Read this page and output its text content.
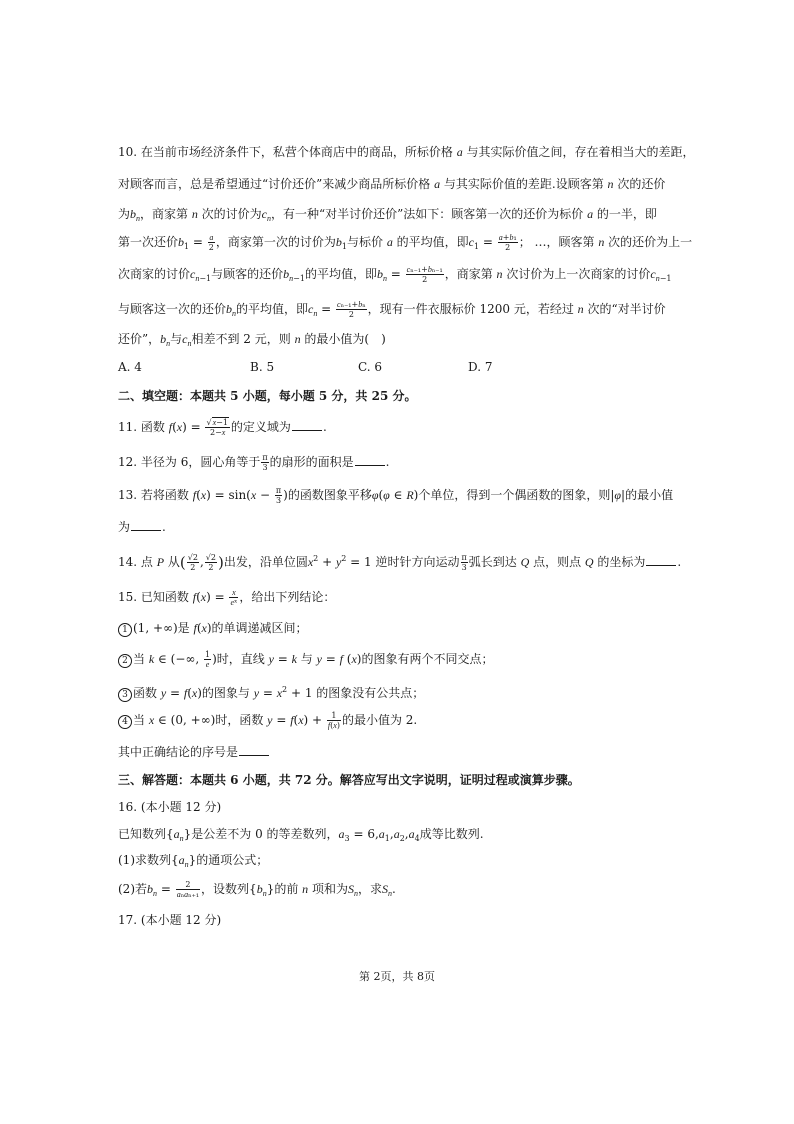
10. 在当前市场经济条件下，私营个体商店中的商品，所标价格 a 与其实际价值之间，存在着相当大的差距，
对顾客而言，总是希望通过“讨价还价”来减少商品所标价格 a 与其实际价值的差距.设顾客第 n 次的还价
为$b_n$，商家第 n 次的讨价为$c_n$，有一种“对半讨价还价”法如下：顾客第一次的还价为标价 a 的一半，即
第一次还价$b_1 = \frac{a}{2}$ ，商家第一次的讨价为$b_1$与标价 a 的平均值，即$c_1 = \frac{\text{a+b₁}}{2}$ ； …，顾客第 n 次的还价为上一
次商家的讨价$c_{n-1}$与顾客的还价$b_{n-1}$的平均值，即$b_n = \frac{\text{cₙ₋₁+bₙ₋₁}}{2}$ ，商家第 n 次讨价为上一次商家的讨价$c_{n-1}$
与顾客这一次的还价$b_n$的平均值，即$c_n = \frac{\text{cₙ₋₁+bₙ}}{2}$ ，现有一件衣服标价 1200 元，若经过 n 次的“对半讨价
还价”，$b_n$与$c_n$相差不到 2 元，则 n 的最小值为(　)
A. 4	B. 5	C. 6	D. 7
二、填空题：本题共 5 小题，每小题 5 分，共 25 分。
11. 函数 $f(x) = \frac{√x-1}{2-x}$ 的定义域为	.
12. 半径为 6，圆心角等于 $\frac{\pi}{3}$ 的扇形的面积是	.
13. 若将函数 $f(x) = \sin(x - \frac{\pi}{3}$ )的函数图象平移φ(φ ∈ R)个单位，得到一个偶函数的图象，则|φ|的最小值
为	.
14. 点 P 从( $\frac{√2}{2}$ , $\frac{√2}{2}$ )出发，沿单位圆$x^2 + y^2 = 1$ 逆时针方向运动 $\frac{\pi}{3}$ 弧长到达 Q 点，则点 Q 的坐标为	.
15. 已知函数 $f(x) = \frac{x}{\text{eˣ}}$ ，给出下列结论：
1 (1, +∞)是 f(x)的单调递减区间；
2 当 k ∈ (−∞, $\frac{1}{e}$ )时，直线 y = k 与 y = f (x)的图象有两个不同交点；
3 函数 y = f(x)的图象与 $y = x^2 + 1$ 的图象没有公共点；
4 当 x ∈ (0, +∞)时，函数 $y = f(x) + \frac{1}{f(x)}$ 的最小值为 2.
其中正确结论的序号是
三、解答题：本题共 6 小题，共 72 分。解答应写出文字说明，证明过程或演算步骤。
16. (本小题 12 分)
已知数列$\{a_n\}$是公差不为 0 的等差数列，$a_3 = 6,a_1,a_2,a_4$成等比数列.
(1)求数列$\{a_n\}$的通项公式；
(2)若$b_n = \frac{2}{\text{aₙaₙ₊₁}}$ ，设数列$\{b_n\}$的前 n 项和为$S_n$，求$S_n$.
17. (本小题 12 分)
第 2页，共 8页
